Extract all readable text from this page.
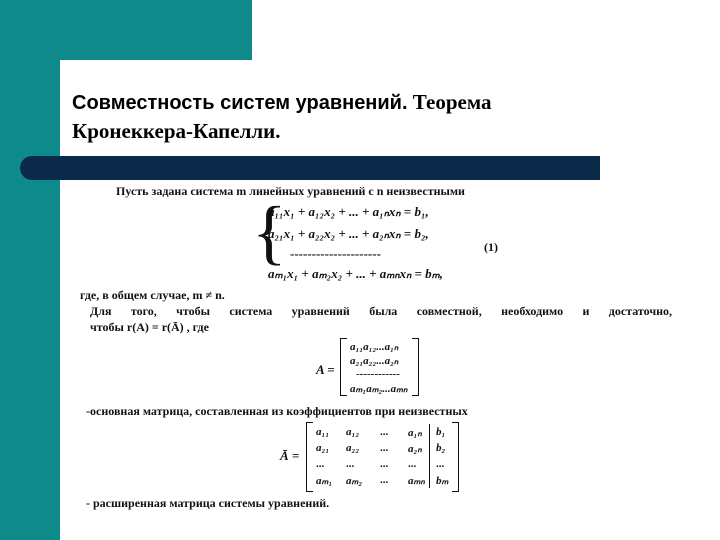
Совместность систем уравнений. Теорема
Кронеккера-Капелли.
Пусть задана система m линейных уравнений с n неизвестными
{
a₁₁x₁ + a₁₂x₂ + ... + a₁ₙxₙ = b₁,
a₂₁x₁ + a₂₂x₂ + ... + a₂ₙxₙ = b₂,
---------------------	(1)
aₘ₁x₁ + aₘ₂x₂ + ... + aₘₙxₙ = bₘ,
где, в общем случае, m ≠ n.
Для того, чтобы система уравнений была совместной, необходимо и достаточно,
чтобы r(A) = r(Ā) , где
A =
a₁₁a₁₂...a₁ₙ
a₂₁a₂₂...a₂ₙ
------------
aₘ₁aₘ₂...aₘₙ
-основная матрица, составленная из коэффициентов при неизвестных
Ā =
- расширенная матрица системы уравнений.
a₁₁ a₁₂ ... a₁ₙ b₁
a₂₁ a₂₂ ... a₂ₙ b₂
... ... ... ... ...
aₘ₁ aₘ₂ ... aₘₙ bₘ
